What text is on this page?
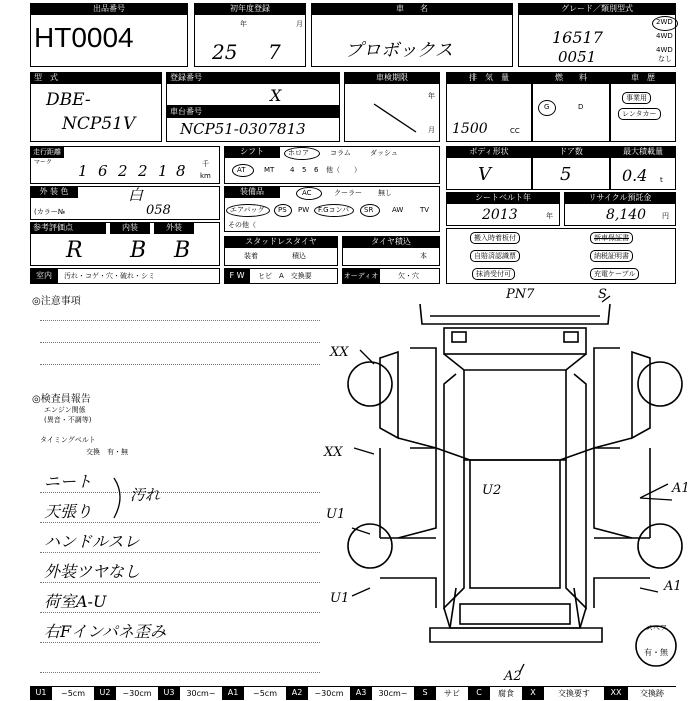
出品番号
HT0004
初年度登録
年	月
25 7
車　　名
プロボックス
グレード／類別型式
16517
0051
2WD
4WD
4WD
なし
型　式
DBE-
NCP51V
登録番号
X
車台番号
NCP51-0307813
車検期限
年
月
排　気　量
1500	CC
燃　　料
G	D
車　歴
事業用
レンタカー
走行距離
マーク 1 6 2 2 1 8 千
km
シフト	ホロア	コラム	ダッシュ
AT	MT 4 5 6 他（　　）
ボディ形状
V
ドア数
5
最大積載量
0.4 t
外 装 色	白
(カラー№	058
装備品	AC	クーラー 無し
エアバッグ PS PW F.Gコンパ SR	AW TV
その他（
シートベルト年
2013	年
リサイクル預託金
8,140 円
参考評価点	内装	外装
R B B	スタッドレスタイヤ
装着	積込
タイヤ積込
本
搬入時着板付
自賠済認識票
抹消受付可
新車保証書
納税証明書
充電ケーブル
室内	汚れ・コゲ・穴・破れ・シミ	F W	ヒビ　A　交換要	オーディオ	欠・穴
◎注意事項
◎検査員報告
エンジン関係
(異音・不調等)
タイミングベルト
交換　有・無
ニート
天張り
ハンドルスレ
外装ツヤなし
荷室A-U
右Fインパネ歪み
汚れ
PN7	S
XX
XX
U1
U1
U2	A1
A1
A2
スペア
有・無
U1	~5cm	U2	~30cm	U3	30cm~	A1	~5cm	A2	~30cm	A3	30cm~	S	サビ	C	腐食	X	交換要す	XX	交換跡
